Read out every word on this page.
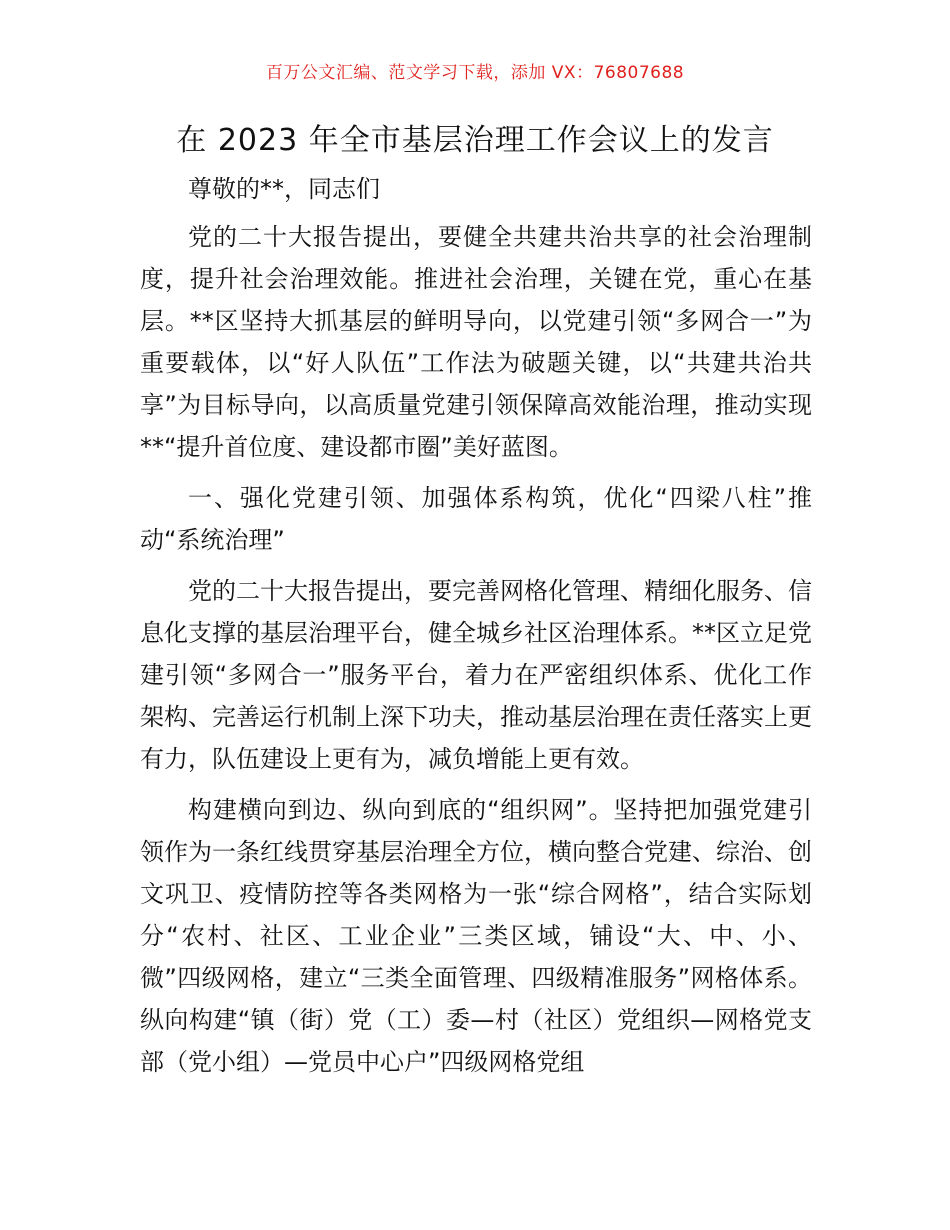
百万公文汇编、范文学习下载，添加 VX：76807688
在 2023 年全市基层治理工作会议上的发言

尊敬的**，同志们

党的二十大报告提出，要健全共建共治共享的社会治理制度，提升社会治理效能。推进社会治理，关键在党，重心在基层。**区坚持大抓基层的鲜明导向，以党建引领“多网合一”为重要载体，以“好人队伍”工作法为破题关键，以“共建共治共享”为目标导向，以高质量党建引领保障高效能治理，推动实现**“提升首位度、建设都市圈”美好蓝图。

一、强化党建引领、加强体系构筑，优化“四梁八柱”推动“系统治理”

党的二十大报告提出，要完善网格化管理、精细化服务、信息化支撑的基层治理平台，健全城乡社区治理体系。**区立足党建引领“多网合一”服务平台，着力在严密组织体系、优化工作架构、完善运行机制上深下功夫，推动基层治理在责任落实上更有力，队伍建设上更有为，减负增能上更有效。

构建横向到边、纵向到底的“组织网”。坚持把加强党建引领作为一条红线贯穿基层治理全方位，横向整合党建、综治、创文巩卫、疫情防控等各类网格为一张“综合网格”，结合实际划分“农村、社区、工业企业”三类区域，铺设“大、中、小、微”四级网格，建立“三类全面管理、四级精准服务”网格体系。纵向构建“镇（街）党（工）委—村（社区）党组织—网格党支部（党小组）—党员中心户”四级网格党组
